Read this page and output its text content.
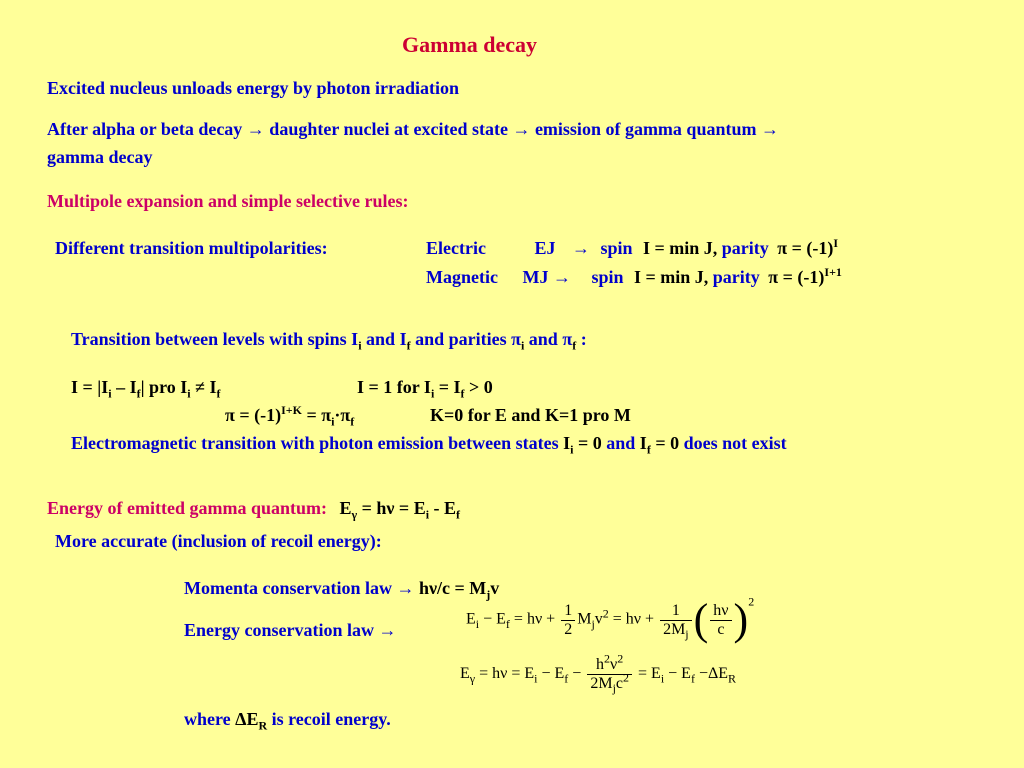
Gamma decay
Excited nucleus unloads energy by photon irradiation
After alpha or beta decay → daughter nuclei at excited state → emission of gamma quantum →
gamma decay
Multipole expansion and simple selective rules:
Different transition multipolarities:	Electric	EJ → spin I = min J, parity $\pi = (-1)^I$
Magnetic MJ → spin I = min J, parity $\pi = (-1)^{I+1}$
Transition between levels with spins $I_i$ and $I_f$ and parities $\pi_i$ and $\pi_f$ :
$I = |I_i - I_f|$ pro $I_i \ne I_f$	I = 1 for $I_i = I_f > 0$
$\pi = (-1)^{I+K} = \pi_i\cdot\pi_f$	K=0 for E and K=1 pro M
Electromagnetic transition with photon emission between states $I_i = 0$ and $I_f = 0$ does not exist
Energy of emitted gamma quantum: $E_\gamma = h\nu = E_i - E_f$
More accurate (inclusion of recoil energy):
Momenta conservation law → $h\nu/c = M_jv$
Energy conservation law →
$E_i - E_f = h\nu + \frac{1}{2} M_jv^2 = h\nu + \frac{1}{2M_j}$ ( $\frac{h\nu}{c} )^2$
$E_\gamma = h\nu = E_i - E_f - \frac{h^2\nu^2}{2M_jc^2} = E_i - E_f -\Delta E_R$
where $\Delta E_R$ is recoil energy.
